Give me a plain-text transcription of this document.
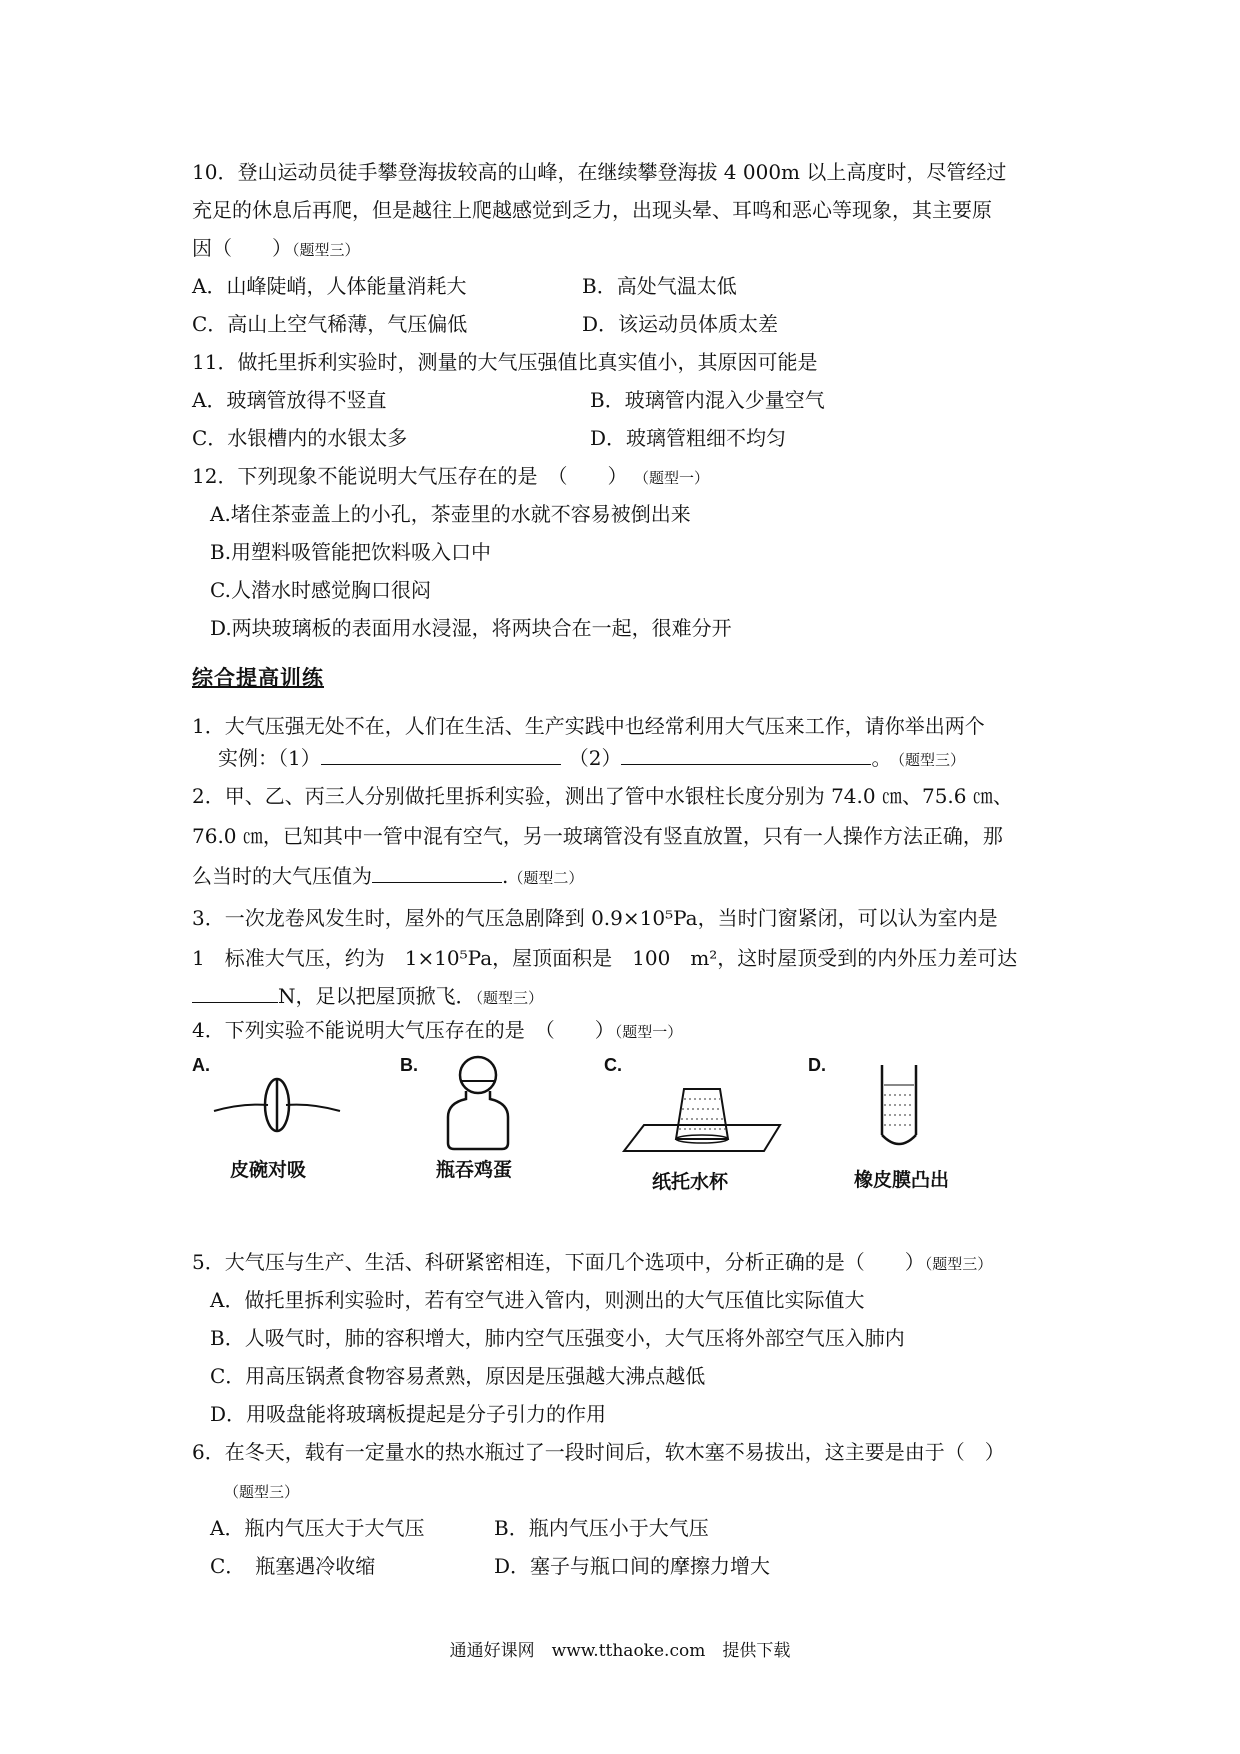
10．登山运动员徒手攀登海拔较高的山峰，在继续攀登海拔 4 000m 以上高度时，尽管经过
充足的休息后再爬，但是越往上爬越感觉到乏力，出现头晕、耳鸣和恶心等现象，其主要原
因（　　）（题型三）
A．山峰陡峭，人体能量消耗大	B．高处气温太低
C．高山上空气稀薄，气压偏低	D．该运动员体质太差
11．做托里拆利实验时，测量的大气压强值比真实值小，其原因可能是
A．玻璃管放得不竖直	B．玻璃管内混入少量空气
C．水银槽内的水银太多	D．玻璃管粗细不均匀
12．下列现象不能说明大气压存在的是　（　　） （题型一）
A.堵住茶壶盖上的小孔，茶壶里的水就不容易被倒出来
B.用塑料吸管能把饮料吸入口中
C.人潜水时感觉胸口很闷
D.两块玻璃板的表面用水浸湿，将两块合在一起，很难分开
综合提高训练
1．大气压强无处不在，人们在生活、生产实践中也经常利用大气压来工作，请你举出两个
实例：（1）	（2）	。 （题型三）
2．甲、乙、丙三人分别做托里拆利实验，测出了管中水银柱长度分别为 74.0 ㎝、75.6 ㎝、
76.0 ㎝，已知其中一管中混有空气，另一玻璃管没有竖直放置，只有一人操作方法正确，那
么当时的大气压值为	.（题型二）
3．一次龙卷风发生时，屋外的气压急剧降到 0.9×10⁵Pa，当时门窗紧闭，可以认为室内是
1　标准大气压，约为　1×10⁵Pa，屋顶面积是　100　m²，这时屋顶受到的内外压力差可达
N，足以把屋顶掀飞．（题型三）
4．下列实验不能说明大气压存在的是　（　　）（题型一）
A.
皮碗对吸
B.
瓶吞鸡蛋
C.
纸托水杯
D.
橡皮膜凸出
5．大气压与生产、生活、科研紧密相连，下面几个选项中，分析正确的是（　　）（题型三）
A．做托里拆利实验时，若有空气进入管内，则测出的大气压值比实际值大
B．人吸气时，肺的容积增大，肺内空气压强变小，大气压将外部空气压入肺内
C．用高压锅煮食物容易煮熟，原因是压强越大沸点越低
D．用吸盘能将玻璃板提起是分子引力的作用
6．在冬天，载有一定量水的热水瓶过了一段时间后，软木塞不易拔出，这主要是由于（　）
（题型三）
A．瓶内气压大于大气压	B．瓶内气压小于大气压
C．　瓶塞遇冷收缩	D．塞子与瓶口间的摩擦力增大
通通好课网　www.tthaoke.com　提供下载
